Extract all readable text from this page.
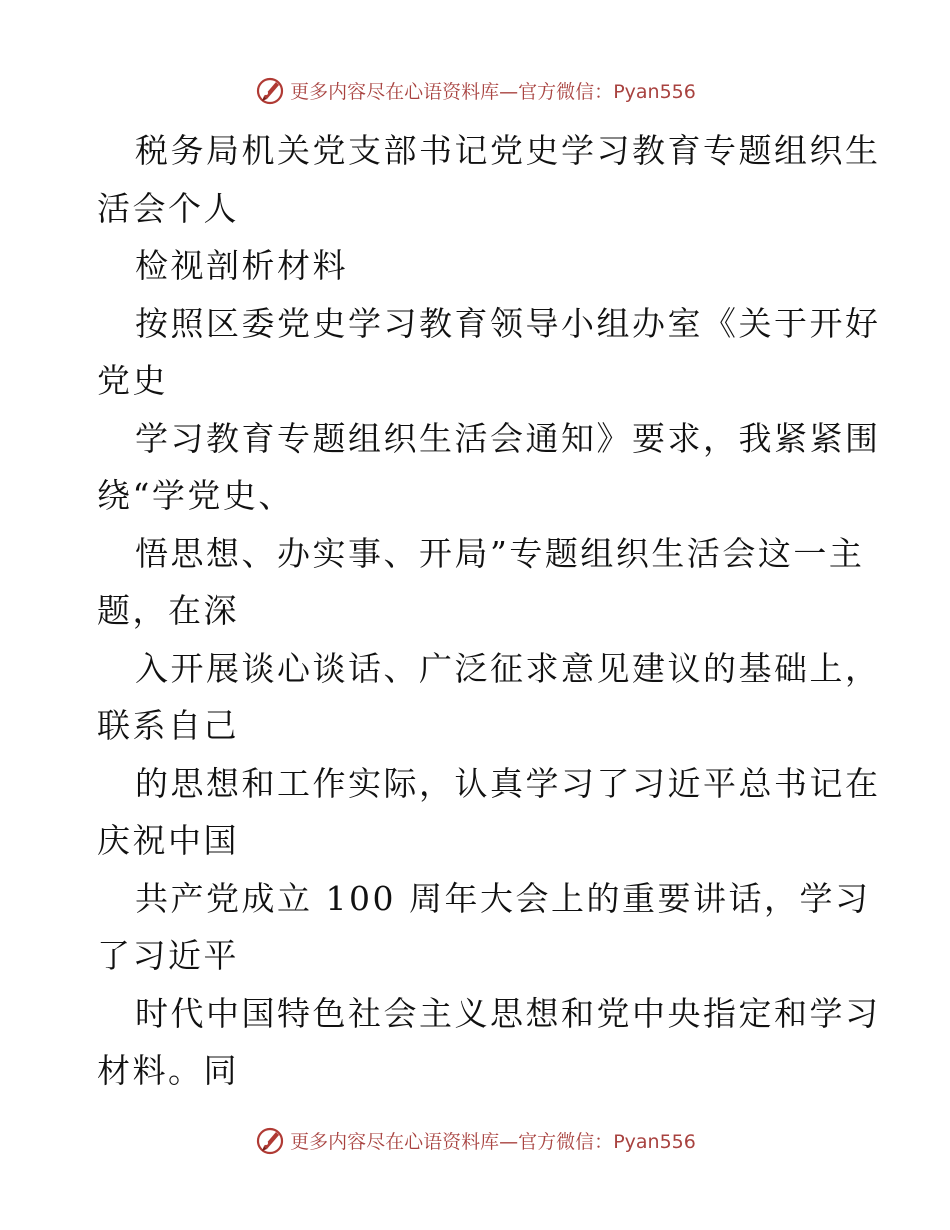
更多内容尽在心语资料库—官方微信：Pyan556

税务局机关党支部书记党史学习教育专题组织生
活会个人

检视剖析材料

按照区委党史学习教育领导小组办室《关于开好
党史

学习教育专题组织生活会通知》要求，我紧紧围
绕“学党史、

悟思想、办实事、开局”专题组织生活会这一主
题，在深

入开展谈心谈话、广泛征求意见建议的基础上，
联系自己

的思想和工作实际，认真学习了习近平总书记在
庆祝中国

共产党成立 100 周年大会上的重要讲话，学习
了习近平

时代中国特色社会主义思想和党中央指定和学习
材料。同

更多内容尽在心语资料库—官方微信：Pyan556
